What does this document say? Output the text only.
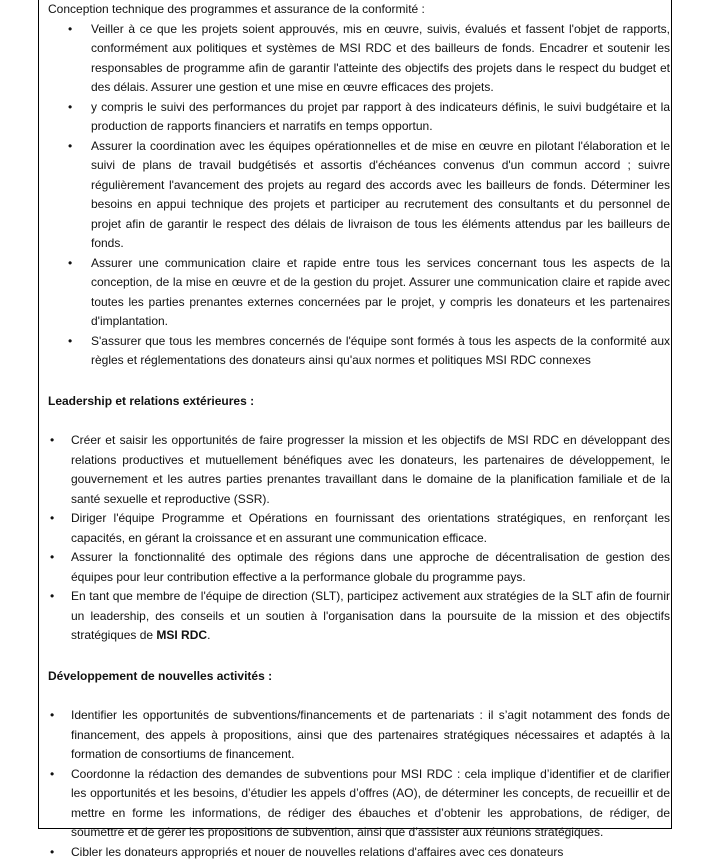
Conception technique des programmes et assurance de la conformité :

• Veiller à ce que les projets soient approuvés, mis en œuvre, suivis, évalués et fassent l'objet de rapports, conformément aux politiques et systèmes de MSI RDC et des bailleurs de fonds. Encadrer et soutenir les responsables de programme afin de garantir l'atteinte des objectifs des projets dans le respect du budget et des délais. Assurer une gestion et une mise en œuvre efficaces des projets.
• y compris le suivi des performances du projet par rapport à des indicateurs définis, le suivi budgétaire et la production de rapports financiers et narratifs en temps opportun.
• Assurer la coordination avec les équipes opérationnelles et de mise en œuvre en pilotant l'élaboration et le suivi de plans de travail budgétisés et assortis d'échéances convenus d'un commun accord ; suivre régulièrement l'avancement des projets au regard des accords avec les bailleurs de fonds. Déterminer les besoins en appui technique des projets et participer au recrutement des consultants et du personnel de projet afin de garantir le respect des délais de livraison de tous les éléments attendus par les bailleurs de fonds.
• Assurer une communication claire et rapide entre tous les services concernant tous les aspects de la conception, de la mise en œuvre et de la gestion du projet. Assurer une communication claire et rapide avec toutes les parties prenantes externes concernées par le projet, y compris les donateurs et les partenaires d'implantation.
• S'assurer que tous les membres concernés de l'équipe sont formés à tous les aspects de la conformité aux règles et réglementations des donateurs ainsi qu'aux normes et politiques MSI RDC connexes

Leadership et relations extérieures :

• Créer et saisir les opportunités de faire progresser la mission et les objectifs de MSI RDC en développant des relations productives et mutuellement bénéfiques avec les donateurs, les partenaires de développement, le gouvernement et les autres parties prenantes travaillant dans le domaine de la planification familiale et de la santé sexuelle et reproductive (SSR).
• Diriger l'équipe Programme et Opérations en fournissant des orientations stratégiques, en renforçant les capacités, en gérant la croissance et en assurant une communication efficace.
• Assurer la fonctionnalité des optimale des régions dans une approche de décentralisation de gestion des équipes pour leur contribution effective a la performance globale du programme pays.
• En tant que membre de l'équipe de direction (SLT), participez activement aux stratégies de la SLT afin de fournir un leadership, des conseils et un soutien à l'organisation dans la poursuite de la mission et des objectifs stratégiques de MSI RDC.

Développement de nouvelles activités :

• Identifier les opportunités de subventions/financements et de partenariats : il s’agit notamment des fonds de financement, des appels à propositions, ainsi que des partenaires stratégiques nécessaires et adaptés à la formation de consortiums de financement.
• Coordonne la rédaction des demandes de subventions pour MSI RDC : cela implique d’identifier et de clarifier les opportunités et les besoins, d’étudier les appels d’offres (AO), de déterminer les concepts, de recueillir et de mettre en forme les informations, de rédiger des ébauches et d’obtenir les approbations, de rédiger, de soumettre et de gérer les propositions de subvention, ainsi que d’assister aux réunions stratégiques.
• Cibler les donateurs appropriés et nouer de nouvelles relations d'affaires avec ces donateurs
